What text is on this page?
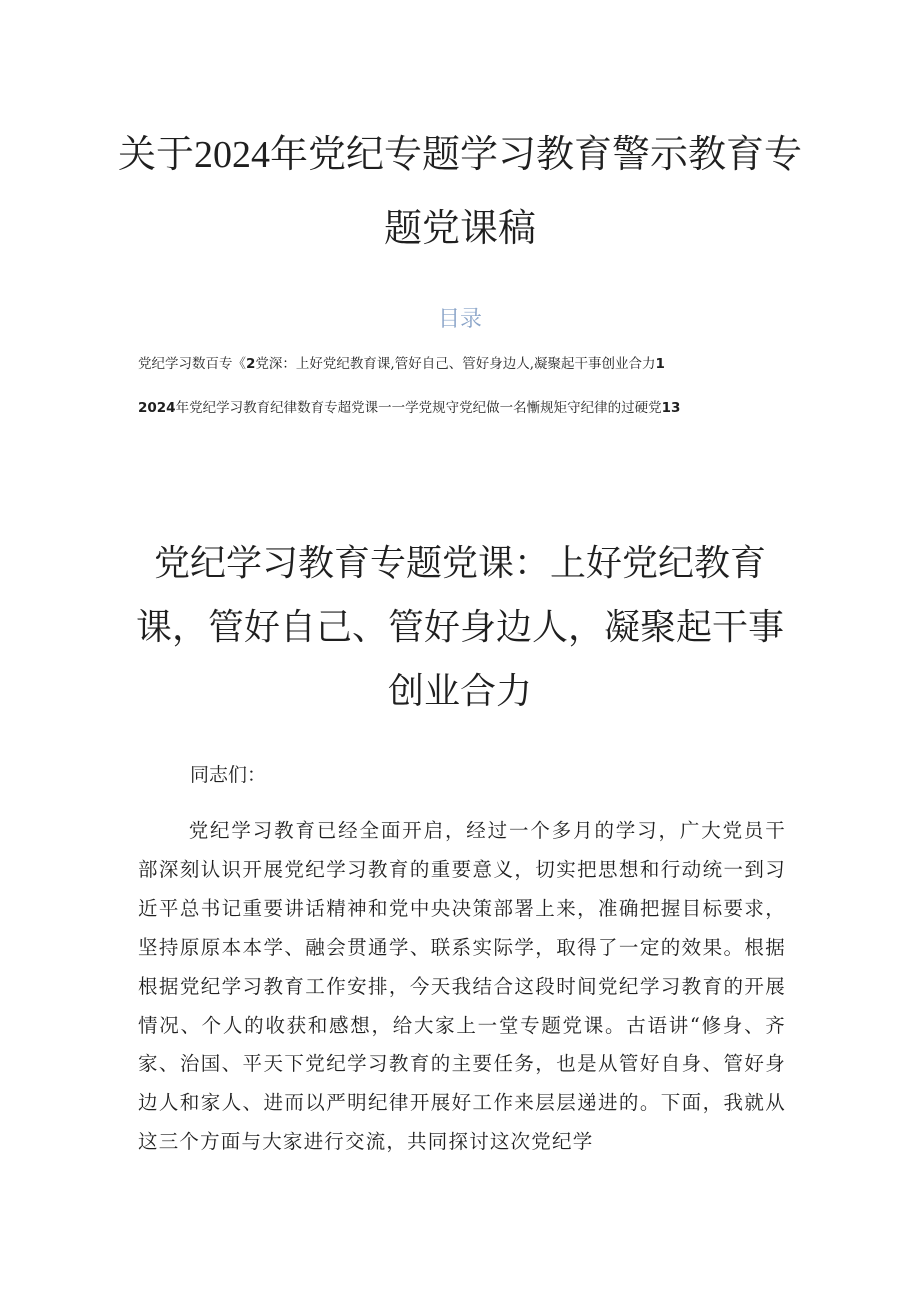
关于2024年党纪专题学习教育警示教育专
题党课稿
目录
党纪学习数百专《2党深：上好党纪教育课,管好自己、管好身边人,凝聚起干事创业合力1
2024年党纪学习教育纪律数育专超党课一一学党规守党纪做一名慚规矩守纪律的过硬党13
党纪学习教育专题党课：上好党纪教育
课，管好自己、管好身边人，凝聚起干事
创业合力
同志们：

党纪学习教育已经全面开启，经过一个多月的学习，广大党员干部深刻认识开展党纪学习教育的重要意义，切实把思想和行动统一到习近平总书记重要讲话精神和党中央决策部署上来，准确把握目标要求，坚持原原本本学、融会贯通学、联系实际学，取得了一定的效果。根据根据党纪学习教育工作安排，今天我结合这段时间党纪学习教育的开展情况、个人的收获和感想，给大家上一堂专题党课。古语讲“修身、齐家、治国、平天下党纪学习教育的主要任务，也是从管好自身、管好身边人和家人、进而以严明纪律开展好工作来层层递进的。下面，我就从这三个方面与大家进行交流，共同探讨这次党纪学
